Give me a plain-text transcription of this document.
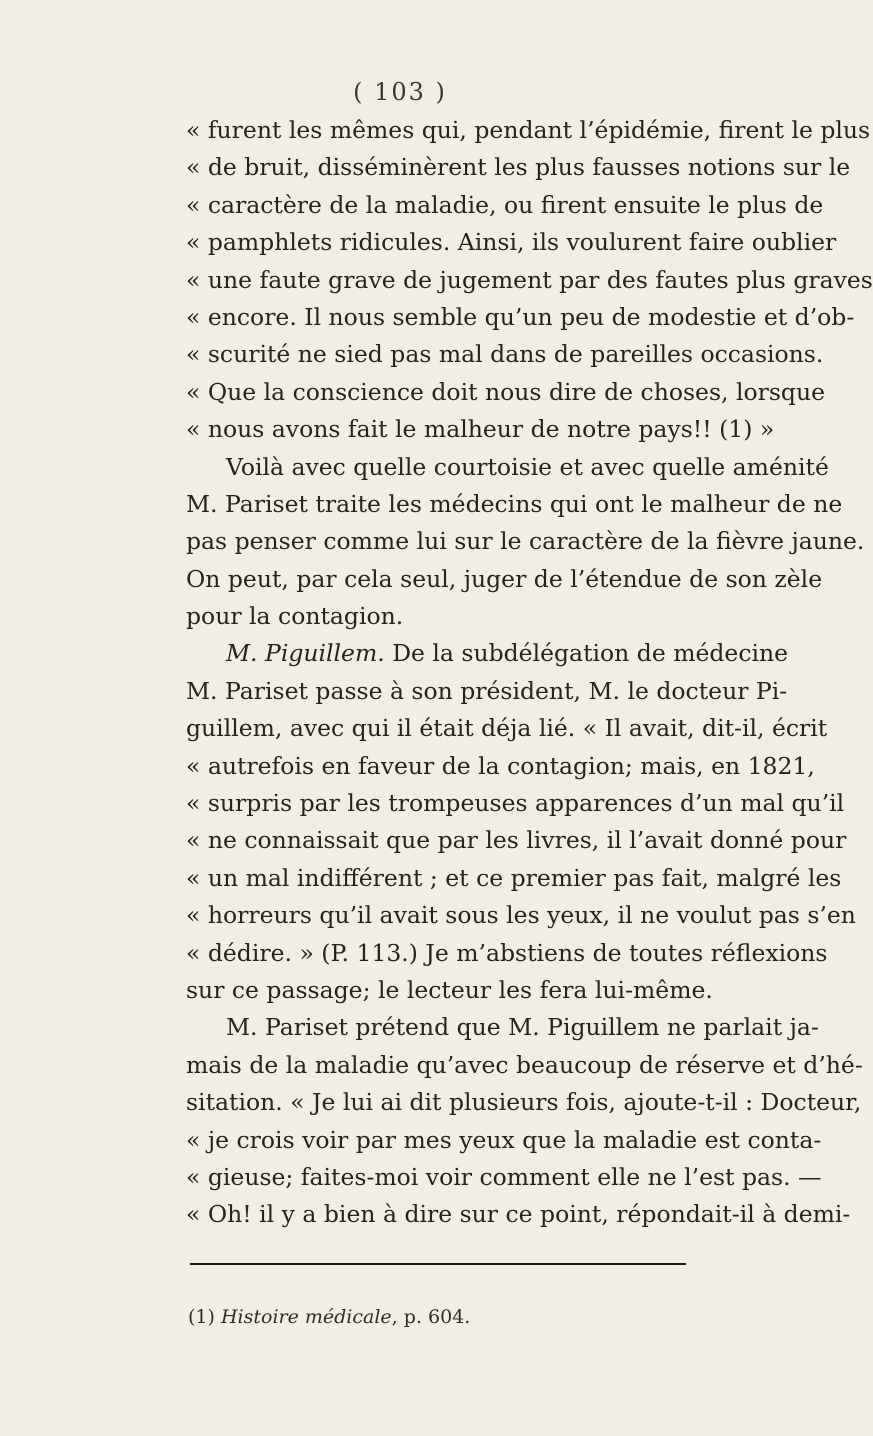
( 103 )
« furent les mêmes qui, pendant l’épidémie, firent le plus
« de bruit, disséminèrent les plus fausses notions sur le
« caractère de la maladie, ou firent ensuite le plus de
« pamphlets ridicules. Ainsi, ils voulurent faire oublier
« une faute grave de jugement par des fautes plus graves
« encore. Il nous semble qu’un peu de modestie et d’ob-
« scurité ne sied pas mal dans de pareilles occasions.
« Que la conscience doit nous dire de choses, lorsque
« nous avons fait le malheur de notre pays!! (1) »
Voilà avec quelle courtoisie et avec quelle aménité
M. Pariset traite les médecins qui ont le malheur de ne
pas penser comme lui sur le caractère de la fièvre jaune.
On peut, par cela seul, juger de l’étendue de son zèle
pour la contagion.
M. Piguillem. De la subdélégation de médecine
M. Pariset passe à son président, M. le docteur Pi-
guillem, avec qui il était déja lié. « Il avait, dit-il, écrit
« autrefois en faveur de la contagion; mais, en 1821,
« surpris par les trompeuses apparences d’un mal qu’il
« ne connaissait que par les livres, il l’avait donné pour
« un mal indifférent ; et ce premier pas fait, malgré les
« horreurs qu’il avait sous les yeux, il ne voulut pas s’en
« dédire. » (P. 113.) Je m’abstiens de toutes réflexions
sur ce passage; le lecteur les fera lui-même.
M. Pariset prétend que M. Piguillem ne parlait ja-
mais de la maladie qu’avec beaucoup de réserve et d’hé-
sitation. « Je lui ai dit plusieurs fois, ajoute-t-il : Docteur,
« je crois voir par mes yeux que la maladie est conta-
« gieuse; faites-moi voir comment elle ne l’est pas. —
« Oh! il y a bien à dire sur ce point, répondait-il à demi-
(1) Histoire médicale, p. 604.
